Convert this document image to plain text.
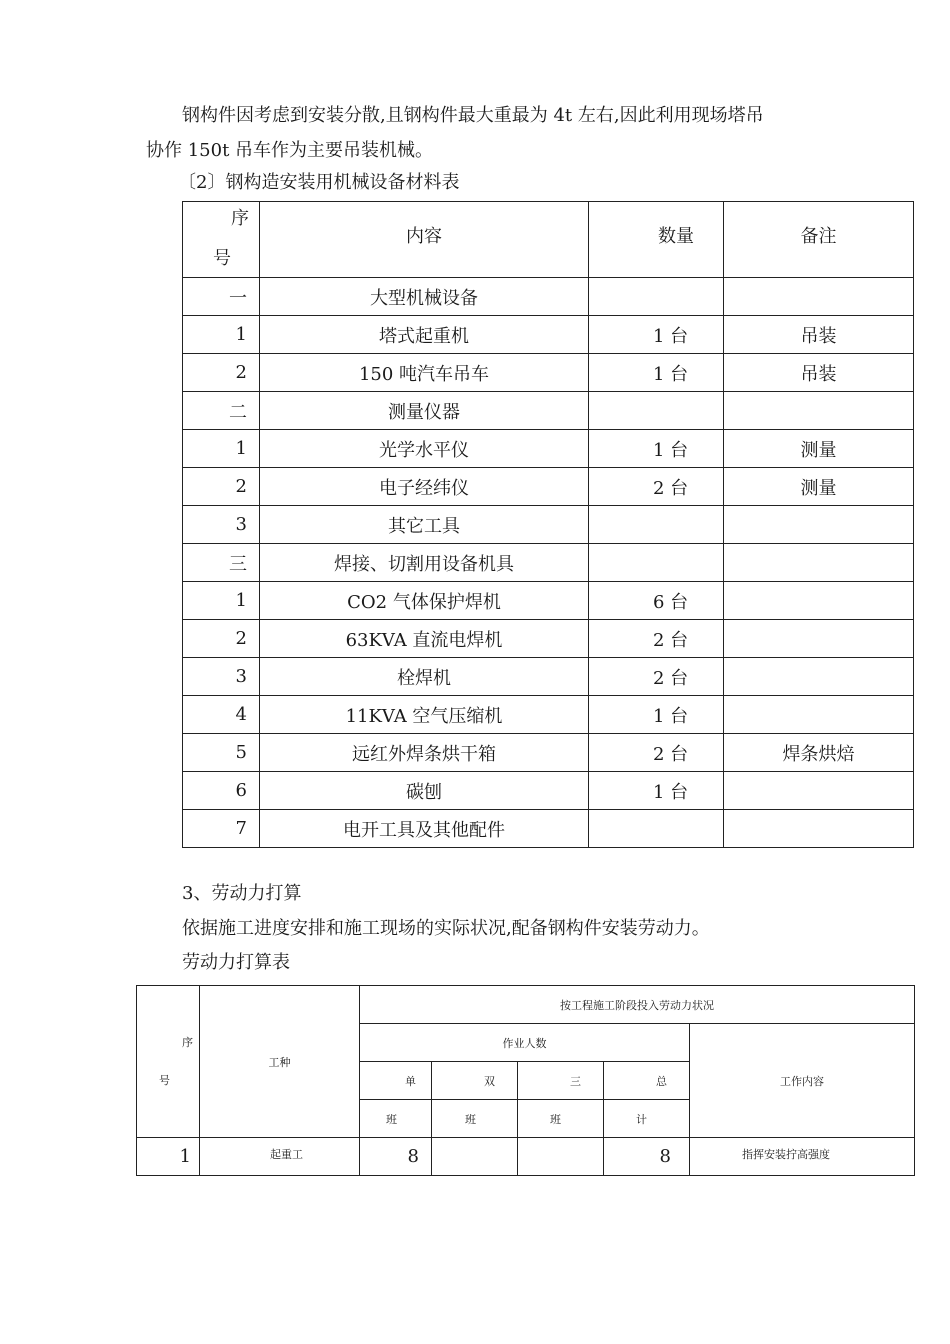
钢构件因考虑到安装分散,且钢构件最大重最为 4t 左右,因此利用现场塔吊
协作 150t 吊车作为主要吊装机械。
〔2〕钢构造安装用机械设备材料表
序
号	内容	数量	备注

一	大型机械设备		
1	塔式起重机	1 台	吊装
2	150 吨汽车吊车	1 台	吊装
二	测量仪器		
1	光学水平仪	1 台	测量
2	电子经纬仪	2 台	测量
3	其它工具		
三	焊接、切割用设备机具		
1	CO2 气体保护焊机	6 台	
2	63KVA 直流电焊机	2 台	
3	栓焊机	2 台	
4	11KVA 空气压缩机	1 台	
5	远红外焊条烘干箱	2 台	焊条烘焙
6	碳刨	1 台	
7	电开工具及其他配件		
3、劳动力打算
依据施工进度安排和施工现场的实际状况,配备钢构件安装劳动力。
劳动力打算表
序
号	工种	按工程施工阶段投入劳动力状况				
		作业人数				工作内容
		单	双	三	总	
		班	班	班	计	
1	起重工	8			8	指挥安装拧高强度
